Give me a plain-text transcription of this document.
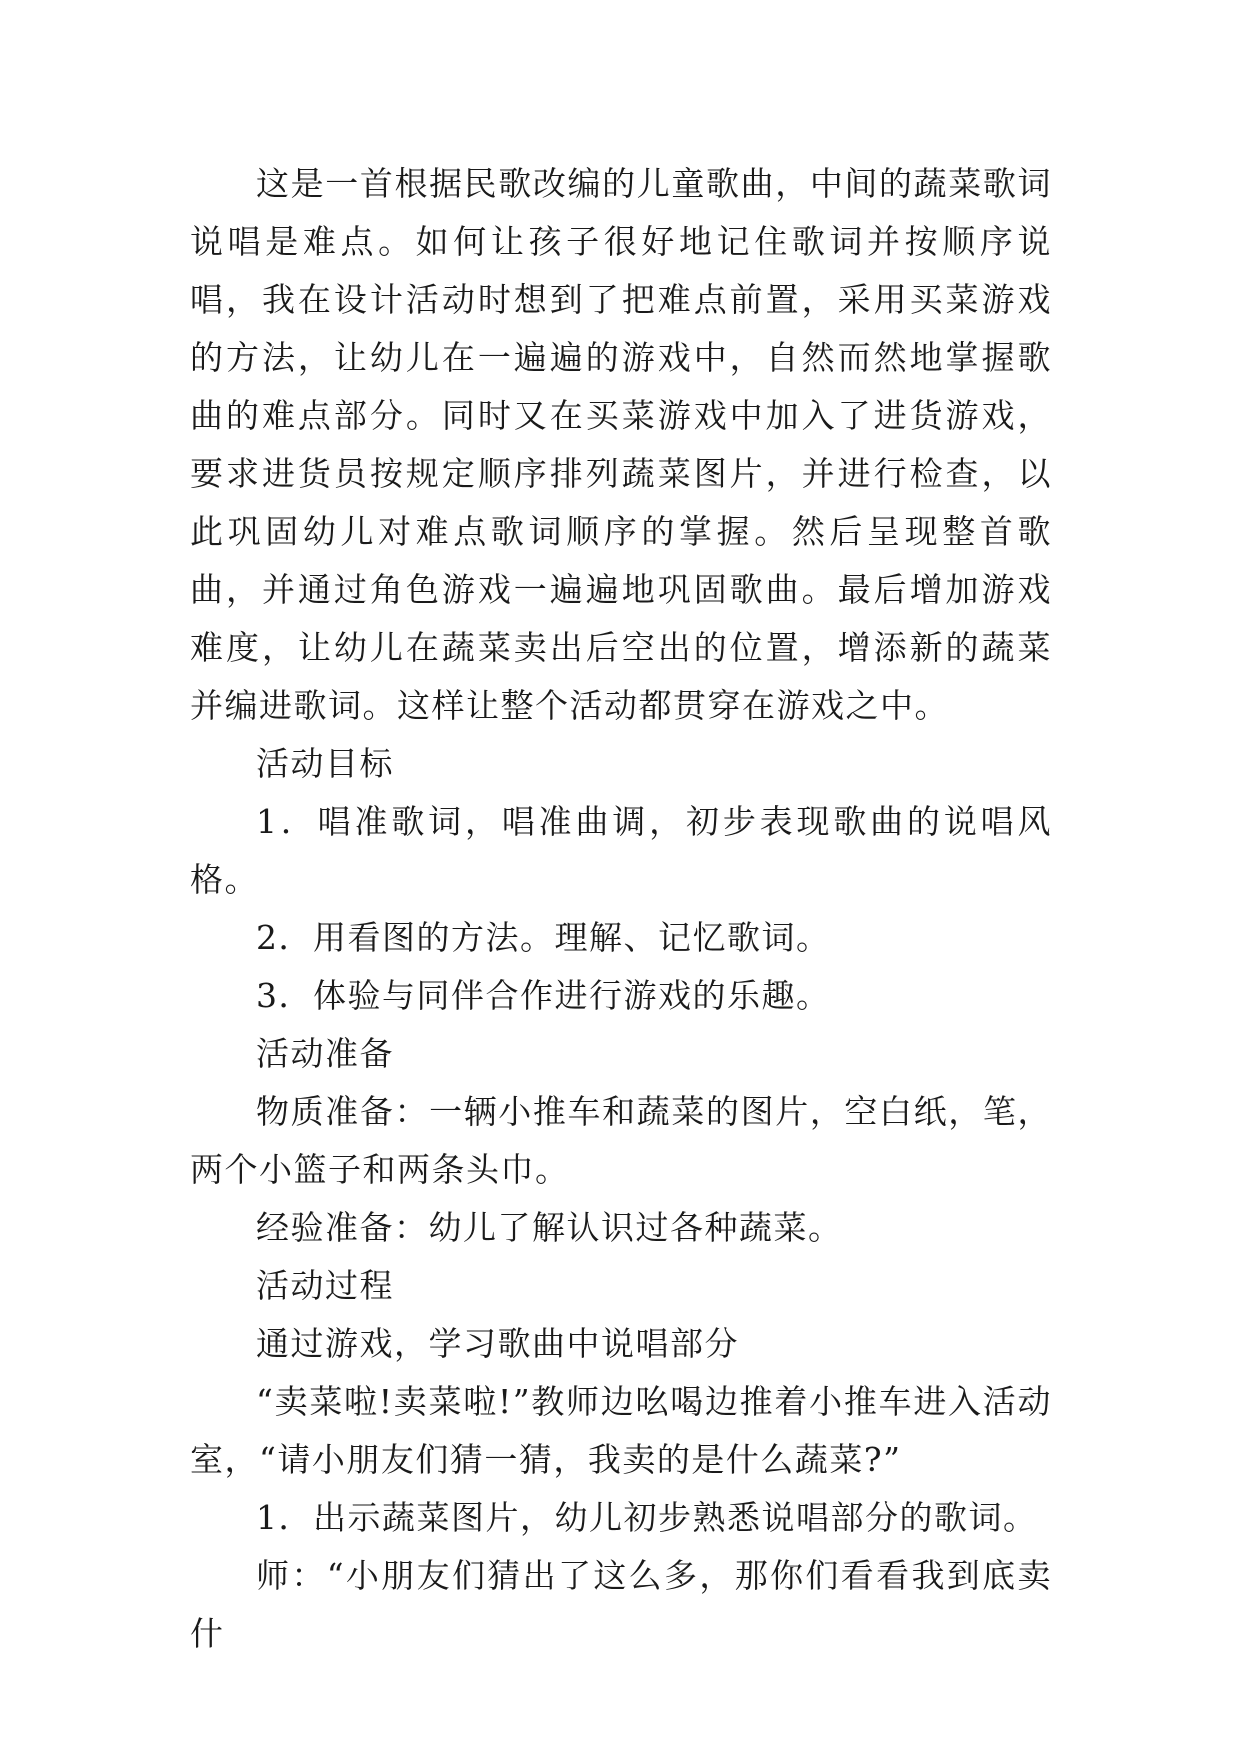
这是一首根据民歌改编的儿童歌曲，中间的蔬菜歌词说唱是难点。如何让孩子很好地记住歌词并按顺序说唱，我在设计活动时想到了把难点前置，采用买菜游戏的方法，让幼儿在一遍遍的游戏中，自然而然地掌握歌曲的难点部分。同时又在买菜游戏中加入了进货游戏，要求进货员按规定顺序排列蔬菜图片，并进行检查，以此巩固幼儿对难点歌词顺序的掌握。然后呈现整首歌曲，并通过角色游戏一遍遍地巩固歌曲。最后增加游戏难度，让幼儿在蔬菜卖出后空出的位置，增添新的蔬菜并编进歌词。这样让整个活动都贯穿在游戏之中。

活动目标

1．唱准歌词，唱准曲调，初步表现歌曲的说唱风格。

2．用看图的方法。理解、记忆歌词。

3．体验与同伴合作进行游戏的乐趣。

活动准备

物质准备：一辆小推车和蔬菜的图片，空白纸，笔，两个小篮子和两条头巾。

经验准备：幼儿了解认识过各种蔬菜。

活动过程

通过游戏，学习歌曲中说唱部分

“卖菜啦!卖菜啦!”教师边吆喝边推着小推车进入活动室，“请小朋友们猜一猜，我卖的是什么蔬菜?”

1．出示蔬菜图片，幼儿初步熟悉说唱部分的歌词。

师：“小朋友们猜出了这么多，那你们看看我到底卖什
